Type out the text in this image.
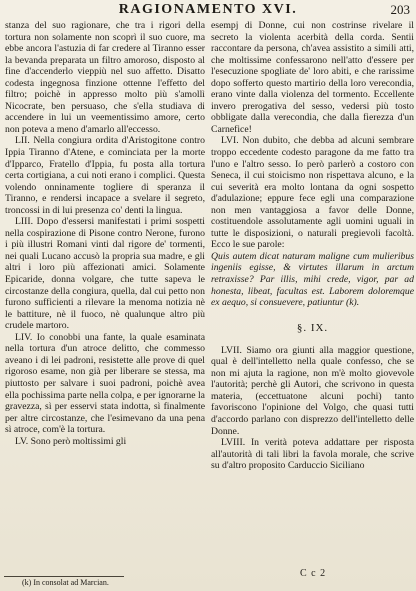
RAGIONAMENTO XVI.	203

stanza del suo ragionare, che tra i rigori della tortura non solamente non scoprì il suo cuore, ma ebbe ancora l'astuzia di far credere al Tiranno esser la bevanda preparata un filtro amoroso, disposto al fine d'accenderlo vieppiù nel suo affetto. Disatto codesta ingegnosa finzione ottenne l'effetto del filtro; poichè in appresso molto più s'amollì Nicocrate, ben persuaso, che s'ella studiava di accendere in lui un veementissimo amore, certo non poteva a meno d'amarlo all'eccesso.

LII. Nella congiura ordita d'Aristogitone contro Ippia Tiranno d'Atene, e cominciata per la morte d'Ipparco, Fratello d'Ippia, fu posta alla tortura certa cortigiana, a cui noti erano i complici. Questa volendo onninamente togliere di speranza il Tiranno, e rendersi incapace a svelare il segreto, troncossi in di lui presenza co' denti la lingua.

LIII. Dopo d'essersi manifestati i primi sospetti nella cospirazione di Pisone contro Nerone, furono i più illustri Romani vinti dal rigore de' tormenti, nei quali Lucano accusò la propria sua madre, e gli altri i loro più affezionati amici. Solamente Epicaride, donna volgare, che tutte sapeva le circostanze della congiura, quella, dal cui petto non furono sufficienti a rilevare la menoma notizia nè le battiture, nè il fuoco, nè qualunque altro più crudele martoro.

LIV. Io conobbi una fante, la quale esaminata nella tortura d'un atroce delitto, che commesso aveano i di lei padroni, resistette alle prove di quel rigoroso esame, non già per liberare se stessa, ma piuttosto per salvare i suoi padroni, poichè avea ella pochissima parte nella colpa, e per ignorarne la gravezza, sì per esservi stata indotta, sì finalmente per altre circostanze, che l'esimevano da una pena sì atroce, com'è la tortura.

LV. Sono però moltissimi gli

esempj di Donne, cui non costrinse rivelare il secreto la violenta acerbità della corda. Sentii raccontare da persona, ch'avea assistito a simili atti, che moltissime confessarono nell'atto d'essere per l'esecuzione spogliate de' loro abiti, e che rarissime dopo sofferto questo martirio della loro verecondia, erano vinte dalla violenza del tormento. Eccellente invero prerogativa del sesso, vedersi più tosto obbligate dalla verecondia, che dalla fierezza d'un Carnefice!

LVI. Non dubito, che debba ad alcuni sembrare troppo eccedente codesto paragone da me fatto tra l'uno e l'altro sesso. Io però parlerò a costoro con Seneca, il cui stoicismo non rispettava alcuno, e la cui severità era molto lontana da ogni sospetto d'adulazione; eppure fece egli una comparazione non men vantaggiosa a favor delle Donne, costituendole assolutamente agli uomini uguali in tutte le disposizioni, o naturali pregievoli facoltà. Ecco le sue parole:

Quis autem dicat naturam maligne cum mulieribus ingeniis egisse, & virtutes illarum in arctum retraxisse? Par illis, mihi crede, vigor, par ad honesta, libeat, facultas est. Laborem doloremque ex aequo, si consuevere, patiuntur (k).

§. IX.

LVII. Siamo ora giunti alla maggior questione, qual è dell'intelletto nella quale confesso, che se non mi ajuta la ragione, non m'è molto giovevole l'autorità; perchè gli Autori, che scrivono in questa materia, (eccettuatone alcuni pochi) tanto favoriscono l'opinione del Volgo, che quasi tutti d'accordo parlano con disprezzo dell'intelletto delle Donne.

LVIII. In verità poteva addattare per risposta all'autorità di tali libri la favola morale, che scrive su d'altro proposito Carduccio Siciliano

C c 2
(k) In consolat ad Marcian.
